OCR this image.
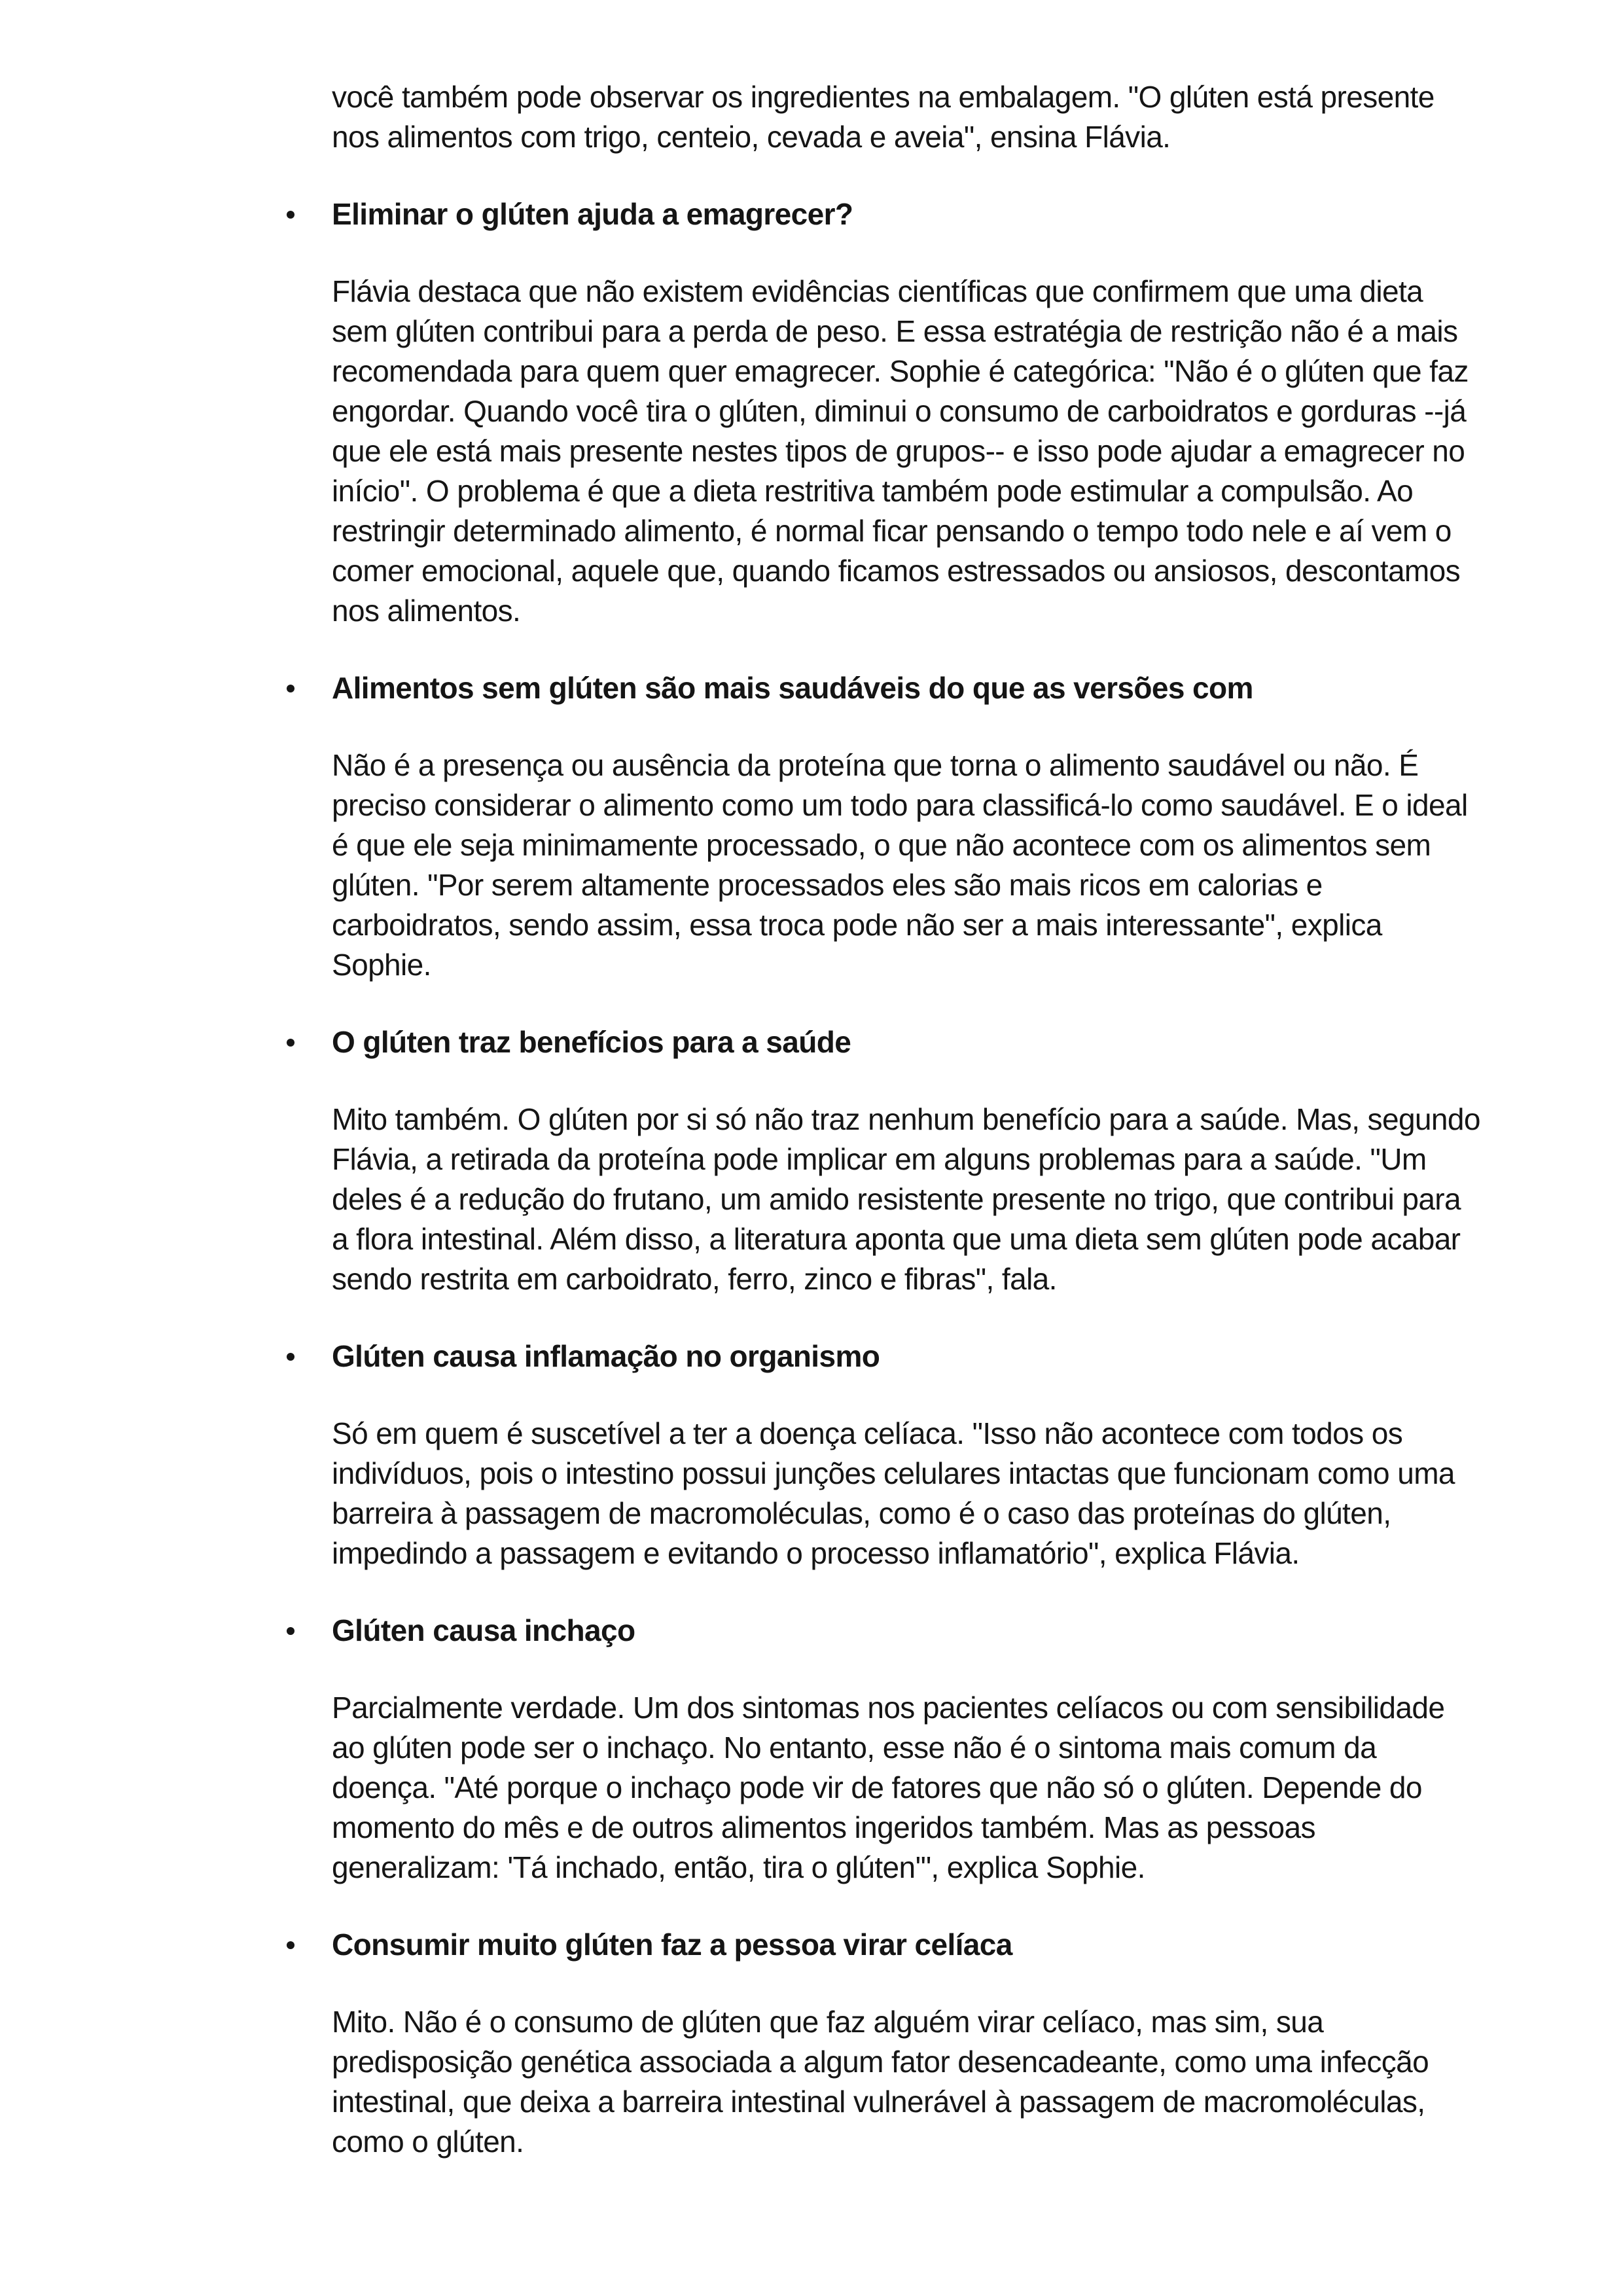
você também pode observar os ingredientes na embalagem. "O glúten está presente nos alimentos com trigo, centeio, cevada e aveia", ensina Flávia.

Eliminar o glúten ajuda a emagrecer?

Flávia destaca que não existem evidências científicas que confirmem que uma dieta sem glúten contribui para a perda de peso. E essa estratégia de restrição não é a mais recomendada para quem quer emagrecer. Sophie é categórica: "Não é o glúten que faz engordar. Quando você tira o glúten, diminui o consumo de carboidratos e gorduras --já que ele está mais presente nestes tipos de grupos-- e isso pode ajudar a emagrecer no início". O problema é que a dieta restritiva também pode estimular a compulsão. Ao restringir determinado alimento, é normal ficar pensando o tempo todo nele e aí vem o comer emocional, aquele que, quando ficamos estressados ou ansiosos, descontamos nos alimentos.

Alimentos sem glúten são mais saudáveis do que as versões com

Não é a presença ou ausência da proteína que torna o alimento saudável ou não. É preciso considerar o alimento como um todo para classificá-lo como saudável. E o ideal é que ele seja minimamente processado, o que não acontece com os alimentos sem glúten. "Por serem altamente processados eles são mais ricos em calorias e carboidratos, sendo assim, essa troca pode não ser a mais interessante", explica Sophie.

O glúten traz benefícios para a saúde

Mito também. O glúten por si só não traz nenhum benefício para a saúde. Mas, segundo Flávia, a retirada da proteína pode implicar em alguns problemas para a saúde. "Um deles é a redução do frutano, um amido resistente presente no trigo, que contribui para a flora intestinal. Além disso, a literatura aponta que uma dieta sem glúten pode acabar sendo restrita em carboidrato, ferro, zinco e fibras", fala.

Glúten causa inflamação no organismo

Só em quem é suscetível a ter a doença celíaca. "Isso não acontece com todos os indivíduos, pois o intestino possui junções celulares intactas que funcionam como uma barreira à passagem de macromoléculas, como é o caso das proteínas do glúten, impedindo a passagem e evitando o processo inflamatório", explica Flávia.

Glúten causa inchaço

Parcialmente verdade. Um dos sintomas nos pacientes celíacos ou com sensibilidade ao glúten pode ser o inchaço. No entanto, esse não é o sintoma mais comum da doença. "Até porque o inchaço pode vir de fatores que não só o glúten. Depende do momento do mês e de outros alimentos ingeridos também. Mas as pessoas generalizam: 'Tá inchado, então, tira o glúten'", explica Sophie.

Consumir muito glúten faz a pessoa virar celíaca

Mito. Não é o consumo de glúten que faz alguém virar celíaco, mas sim, sua predisposição genética associada a algum fator desencadeante, como uma infecção intestinal, que deixa a barreira intestinal vulnerável à passagem de macromoléculas, como o glúten.
